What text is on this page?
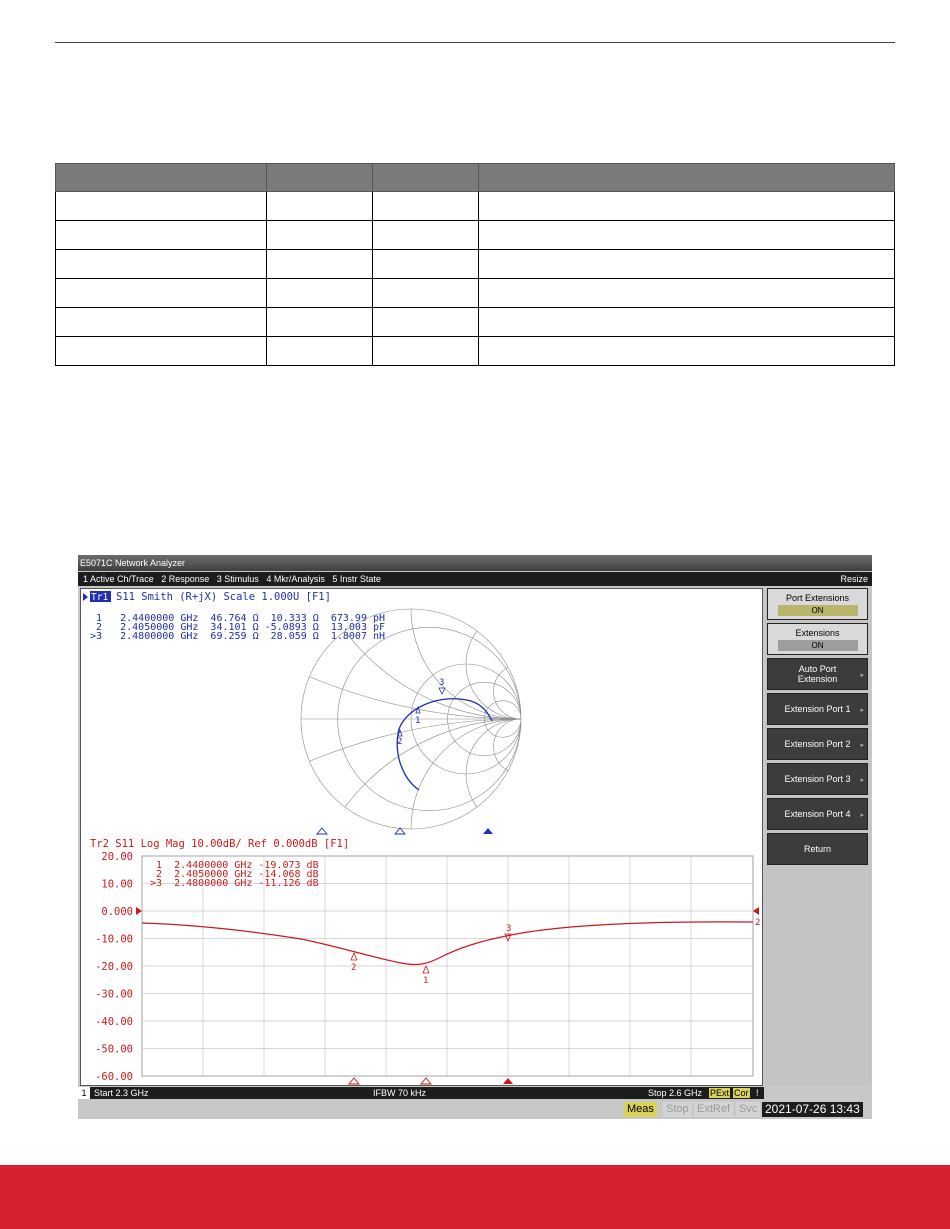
E5071C Network Analyzer
1 Active Ch/Trace 2 Response 3 Stimulus 4 Mkr/Analysis 5 Instr State	Resize
Tr1 S11 Smith (R+jX) Scale 1.000U [F1]
1   2.4400000 GHz  46.764 Ω  10.333 Ω  673.99 pH
2   2.4050000 GHz  34.101 Ω -5.0893 Ω  13.003 pF
>3   2.4800000 GHz  69.259 Ω  28.059 Ω  1.8007 nH
1
2
3
Tr2 S11 Log Mag 10.00dB/ Ref 0.000dB [F1]
20.00
10.00
0.000
-10.00
-20.00
-30.00
-40.00
-50.00
-60.00
2
1  2.4400000 GHz -19.073 dB
2  2.4050000 GHz -14.068 dB
>3  2.4800000 GHz -11.126 dB
1
2
3
Port Extensions
ON
Extensions
ON
Auto Port
Extension	▸
Extension Port 1	▸
Extension Port 2	▸
Extension Port 3	▸
Extension Port 4	▸
Return
1 Start 2.3 GHz	IFBW 70 kHz	Stop 2.6 GHz PExt Cor !
Meas Stop ExtRef Svc 2021-07-26 13:43
